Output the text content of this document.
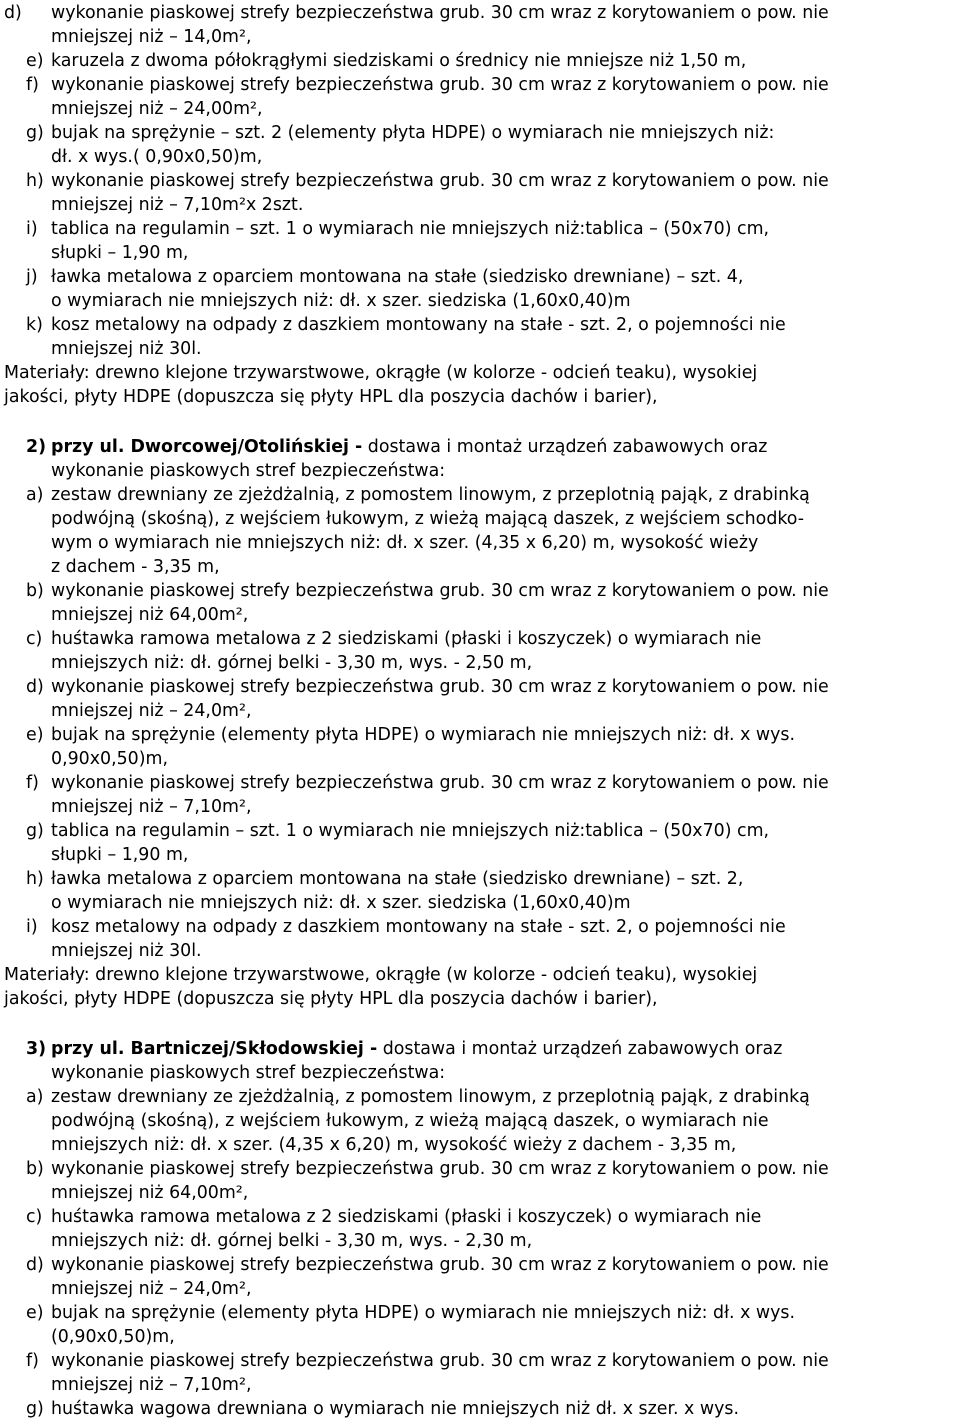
d) wykonanie piaskowej strefy bezpieczeństwa grub. 30 cm wraz z korytowaniem o pow. nie
mniejszej niż – 14,0m²,
e) karuzela z dwoma półokrągłymi siedziskami o średnicy nie mniejsze niż 1,50 m,
f) wykonanie piaskowej strefy bezpieczeństwa grub. 30 cm wraz z korytowaniem o pow. nie
mniejszej niż – 24,00m²,
g) bujak na sprężynie – szt. 2 (elementy płyta HDPE) o wymiarach nie mniejszych niż:
dł. x wys.( 0,90x0,50)m,
h) wykonanie piaskowej strefy bezpieczeństwa grub. 30 cm wraz z korytowaniem o pow. nie
mniejszej niż – 7,10m²x 2szt.
i) tablica na regulamin – szt. 1 o wymiarach nie mniejszych niż:tablica – (50x70) cm,
słupki – 1,90 m,
j) ławka metalowa z oparciem montowana na stałe (siedzisko drewniane) – szt. 4,
o wymiarach nie mniejszych niż: dł. x szer. siedziska (1,60x0,40)m
k) kosz metalowy na odpady z daszkiem montowany na stałe - szt. 2, o pojemności nie
mniejszej niż 30l.

Materiały: drewno klejone trzywarstwowe, okrągłe (w kolorze - odcień teaku), wysokiej
jakości, płyty HDPE (dopuszcza się płyty HPL dla poszycia dachów i barier),

2) przy ul. Dworcowej/Otolińskiej - dostawa i montaż urządzeń zabawowych oraz
wykonanie piaskowych stref bezpieczeństwa:
a) zestaw drewniany ze zjeżdżalnią, z pomostem linowym, z przeplotnią pająk, z drabinką
podwójną (skośną), z wejściem łukowym, z wieżą mającą daszek, z wejściem schodko-
wym o wymiarach nie mniejszych niż: dł. x szer. (4,35 x 6,20) m, wysokość wieży
z dachem - 3,35 m,
b) wykonanie piaskowej strefy bezpieczeństwa grub. 30 cm wraz z korytowaniem o pow. nie
mniejszej niż 64,00m²,
c) huśtawka ramowa metalowa z 2 siedziskami (płaski i koszyczek) o wymiarach nie
mniejszych niż: dł. górnej belki - 3,30 m, wys. - 2,50 m,
d) wykonanie piaskowej strefy bezpieczeństwa grub. 30 cm wraz z korytowaniem o pow. nie
mniejszej niż – 24,0m²,
e) bujak na sprężynie (elementy płyta HDPE) o wymiarach nie mniejszych niż: dł. x wys.
0,90x0,50)m,
f) wykonanie piaskowej strefy bezpieczeństwa grub. 30 cm wraz z korytowaniem o pow. nie
mniejszej niż – 7,10m²,
g) tablica na regulamin – szt. 1 o wymiarach nie mniejszych niż:tablica – (50x70) cm,
słupki – 1,90 m,
h) ławka metalowa z oparciem montowana na stałe (siedzisko drewniane) – szt. 2,
o wymiarach nie mniejszych niż: dł. x szer. siedziska (1,60x0,40)m
i) kosz metalowy na odpady z daszkiem montowany na stałe - szt. 2, o pojemności nie
mniejszej niż 30l.

Materiały: drewno klejone trzywarstwowe, okrągłe (w kolorze - odcień teaku), wysokiej
jakości, płyty HDPE (dopuszcza się płyty HPL dla poszycia dachów i barier),

3) przy ul. Bartniczej/Skłodowskiej - dostawa i montaż urządzeń zabawowych oraz
wykonanie piaskowych stref bezpieczeństwa:
a) zestaw drewniany ze zjeżdżalnią, z pomostem linowym, z przeplotnią pająk, z drabinką
podwójną (skośną), z wejściem łukowym, z wieżą mającą daszek, o wymiarach nie
mniejszych niż: dł. x szer. (4,35 x 6,20) m, wysokość wieży z dachem - 3,35 m,
b) wykonanie piaskowej strefy bezpieczeństwa grub. 30 cm wraz z korytowaniem o pow. nie
mniejszej niż 64,00m²,
c) huśtawka ramowa metalowa z 2 siedziskami (płaski i koszyczek) o wymiarach nie
mniejszych niż: dł. górnej belki - 3,30 m, wys. - 2,30 m,
d) wykonanie piaskowej strefy bezpieczeństwa grub. 30 cm wraz z korytowaniem o pow. nie
mniejszej niż – 24,0m²,
e) bujak na sprężynie (elementy płyta HDPE) o wymiarach nie mniejszych niż: dł. x wys.
(0,90x0,50)m,
f) wykonanie piaskowej strefy bezpieczeństwa grub. 30 cm wraz z korytowaniem o pow. nie
mniejszej niż – 7,10m²,
g) huśtawka wagowa drewniana o wymiarach nie mniejszych niż dł. x szer. x wys.
